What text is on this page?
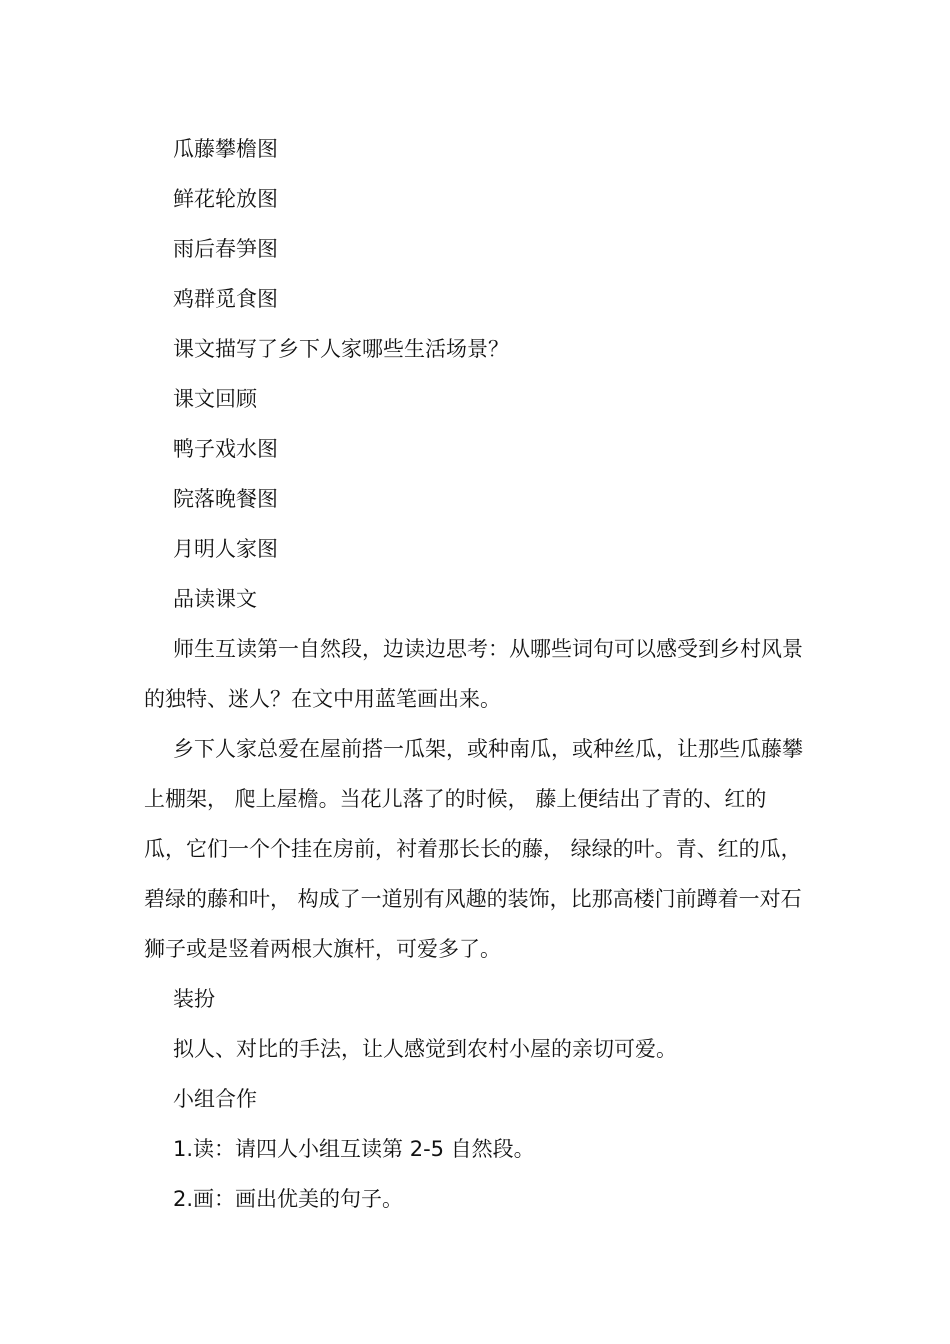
瓜藤攀檐图

鲜花轮放图

雨后春笋图

鸡群觅食图

课文描写了乡下人家哪些生活场景？

课文回顾

鸭子戏水图

院落晚餐图

月明人家图

品读课文

师生互读第一自然段，边读边思考：从哪些词句可以感受到乡村风景的独特、迷人？在文中用蓝笔画出来。

乡下人家总爱在屋前搭一瓜架，或种南瓜，或种丝瓜，让那些瓜藤攀上棚架， 爬上屋檐。当花儿落了的时候， 藤上便结出了青的、红的瓜，它们一个个挂在房前，衬着那长长的藤， 绿绿的叶。青、红的瓜，碧绿的藤和叶， 构成了一道别有风趣的装饰，比那高楼门前蹲着一对石狮子或是竖着两根大旗杆，可爱多了。

装扮

拟人、对比的手法，让人感觉到农村小屋的亲切可爱。

小组合作

1.读：请四人小组互读第 2-5 自然段。

2.画：画出优美的句子。
